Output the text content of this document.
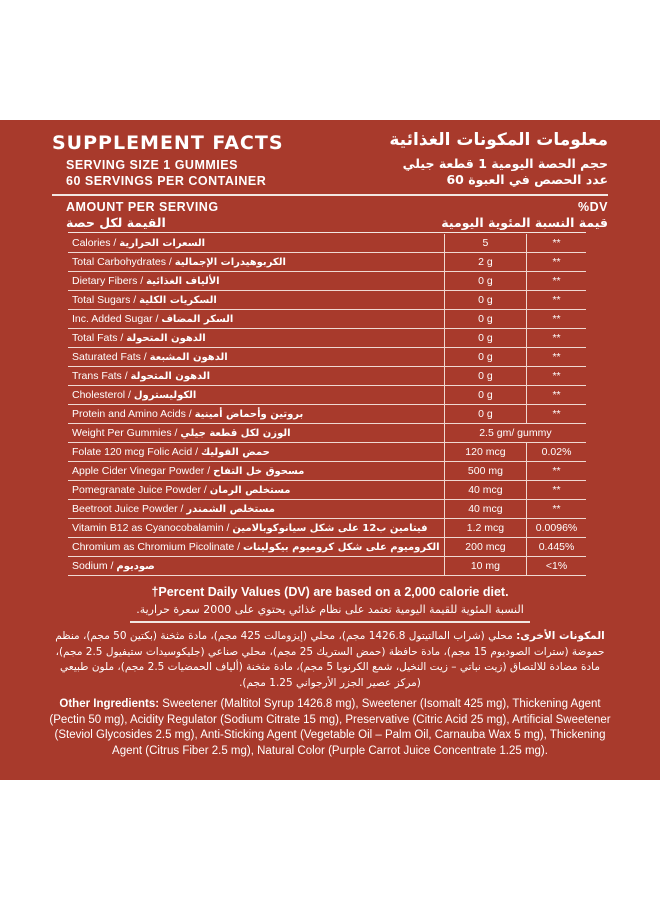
SUPPLEMENT FACTS
SERVING SIZE 1 GUMMIES
60 SERVINGS PER CONTAINER
معلومات المكونات الغذائية
حجم الحصة اليومية 1 قطعة جيلي
عدد الحصص في العبوة 60
AMOUNT PER SERVING
القيمة لكل حصة
%DV
قيمة النسبة المئوية اليومية
Calories / السعرات الحرارية	5	**
Total Carbohydrates / الكربوهيدرات الإجمالية	2 g	**
Dietary Fibers / الألياف الغذائية	0 g	**
Total Sugars / السكريات الكلية	0 g	**
Inc. Added Sugar / السكر المضاف	0 g	**
Total Fats / الدهون المتحولة	0 g	**
Saturated Fats / الدهون المشبعة	0 g	**
Trans Fats / الدهون المتحولة	0 g	**
Cholesterol / الكوليسترول	0 g	**
Protein and Amino Acids / بروتين وأحماض أمينية	0 g	**
Weight Per Gummies / الوزن لكل قطعة جيلي	2.5 gm/ gummy	
Folate 120 mcg Folic Acid / حمض الفوليك	120 mcg	0.02%
Apple Cider Vinegar Powder / مسحوق خل التفاح	500 mg	**
Pomegranate Juice Powder / مستخلص الرمان	40 mcg	**
Beetroot Juice Powder / مستخلص الشمندر	40 mcg	**
Vitamin B12 as Cyanocobalamin / فيتامين ب12 على شكل سيانوكوبالامين	1.2 mcg	0.0096%
Chromium as Chromium Picolinate / الكروميوم على شكل كروميوم بيكولينات	200 mcg	0.445%
Sodium / صوديوم	10 mg	<1%
†Percent Daily Values (DV) are based on a 2,000 calorie diet.
النسبة المئوية للقيمة اليومية تعتمد على نظام غذائي يحتوي على 2000 سعرة حرارية.
المكونات الأخرى: محلي (شراب المالتيتول 1426.8 مجم)، محلي (إيزومالت 425 مجم)، مادة مثخنة (بكتين 50 مجم)، منظم حموضة (سترات الصوديوم 15 مجم)، مادة حافظة (حمض الستريك 25 مجم)، محلي صناعي (جليكوسيدات ستيفيول 2.5 مجم)، مادة مضادة للالتصاق (زيت نباتي – زيت النخيل، شمع الكرنوبا 5 مجم)، مادة مثخنة (ألياف الحمضيات 2.5 مجم)، ملون طبيعي (مركز عصير الجزر الأرجواني 1.25 مجم).
Other Ingredients: Sweetener (Maltitol Syrup 1426.8 mg), Sweetener (Isomalt 425 mg), Thickening Agent (Pectin 50 mg), Acidity Regulator (Sodium Citrate 15 mg), Preservative (Citric Acid 25 mg), Artificial Sweetener (Steviol Glycosides 2.5 mg), Anti-Sticking Agent (Vegetable Oil – Palm Oil, Carnauba Wax 5 mg), Thickening Agent (Citrus Fiber 2.5 mg), Natural Color (Purple Carrot Juice Concentrate 1.25 mg).
